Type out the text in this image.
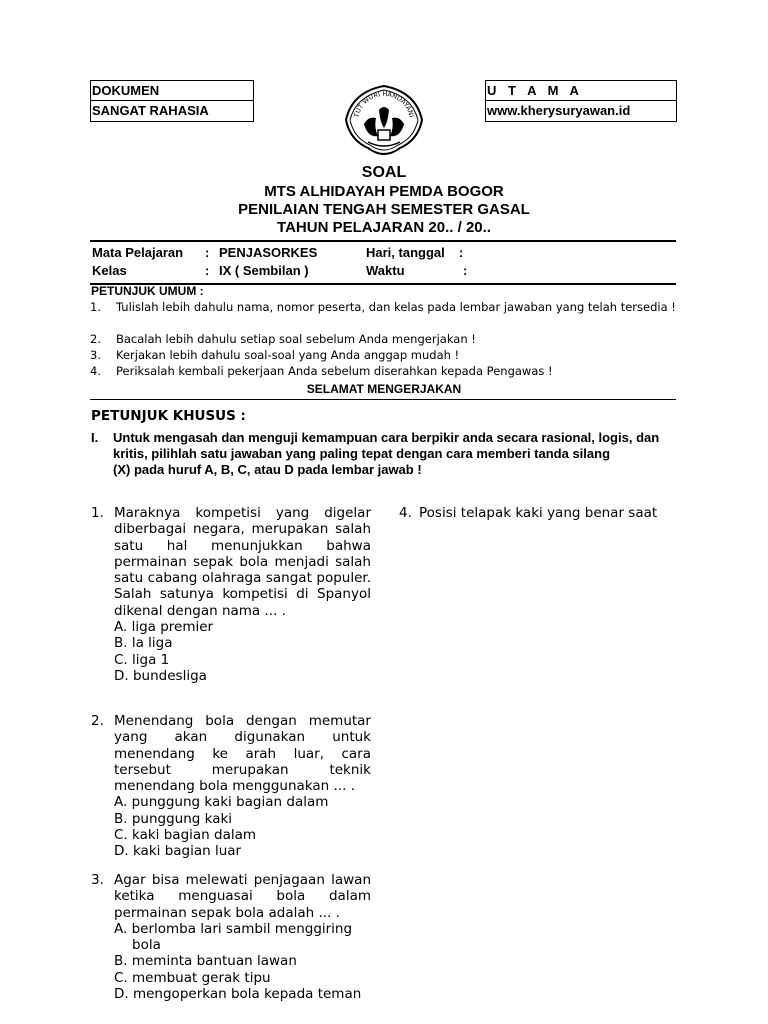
DOKUMEN
SANGAT RAHASIA
U T A M A
www.kherysuryawan.id
TUT WURI HANDAYANI
SOAL
MTS ALHIDAYAH PEMDA BOGOR
PENILAIAN TENGAH SEMESTER GASAL
TAHUN PELAJARAN 20.. / 20..
Mata Pelajaran : PENJASORKES	Hari, tanggal :
Kelas	: IX ( Sembilan )	Waktu	:
PETUNJUK UMUM :
1. Tulislah lebih dahulu nama, nomor peserta, dan kelas pada lembar jawaban yang telah tersedia !
2. Bacalah lebih dahulu setiap soal sebelum Anda mengerjakan !
3. Kerjakan lebih dahulu soal-soal yang Anda anggap mudah !
4. Periksalah kembali pekerjaan Anda sebelum diserahkan kepada Pengawas !
SELAMAT MENGERJAKAN
PETUNJUK KHUSUS :
I. Untuk mengasah dan menguji kemampuan cara berpikir anda secara rasional, logis, dan kritis, pilihlah satu jawaban yang paling tepat dengan cara memberi tanda silang
(X) pada huruf A, B, C, atau D pada lembar jawab !
1. Maraknya kompetisi yang digelar diberbagai negara, merupakan salah satu hal menunjukkan bahwa permainan sepak bola menjadi salah satu cabang olahraga sangat populer. Salah satunya kompetisi di Spanyol dikenal dengan nama ... .
A. liga premier
B. la liga
C. liga 1
D. bundesliga
2. Menendang bola dengan memutar yang akan digunakan untuk menendang ke arah luar, cara tersebut merupakan teknik menendang bola menggunakan ... .
A. punggung kaki bagian dalam
B. punggung kaki
C. kaki bagian dalam
D. kaki bagian luar
3. Agar bisa melewati penjagaan lawan ketika menguasai bola dalam permainan sepak bola adalah ... .
A. berlomba lari sambil menggiring bola
B. meminta bantuan lawan
C. membuat gerak tipu
D. mengoperkan bola kepada teman
4. Posisi telapak kaki yang benar saat
